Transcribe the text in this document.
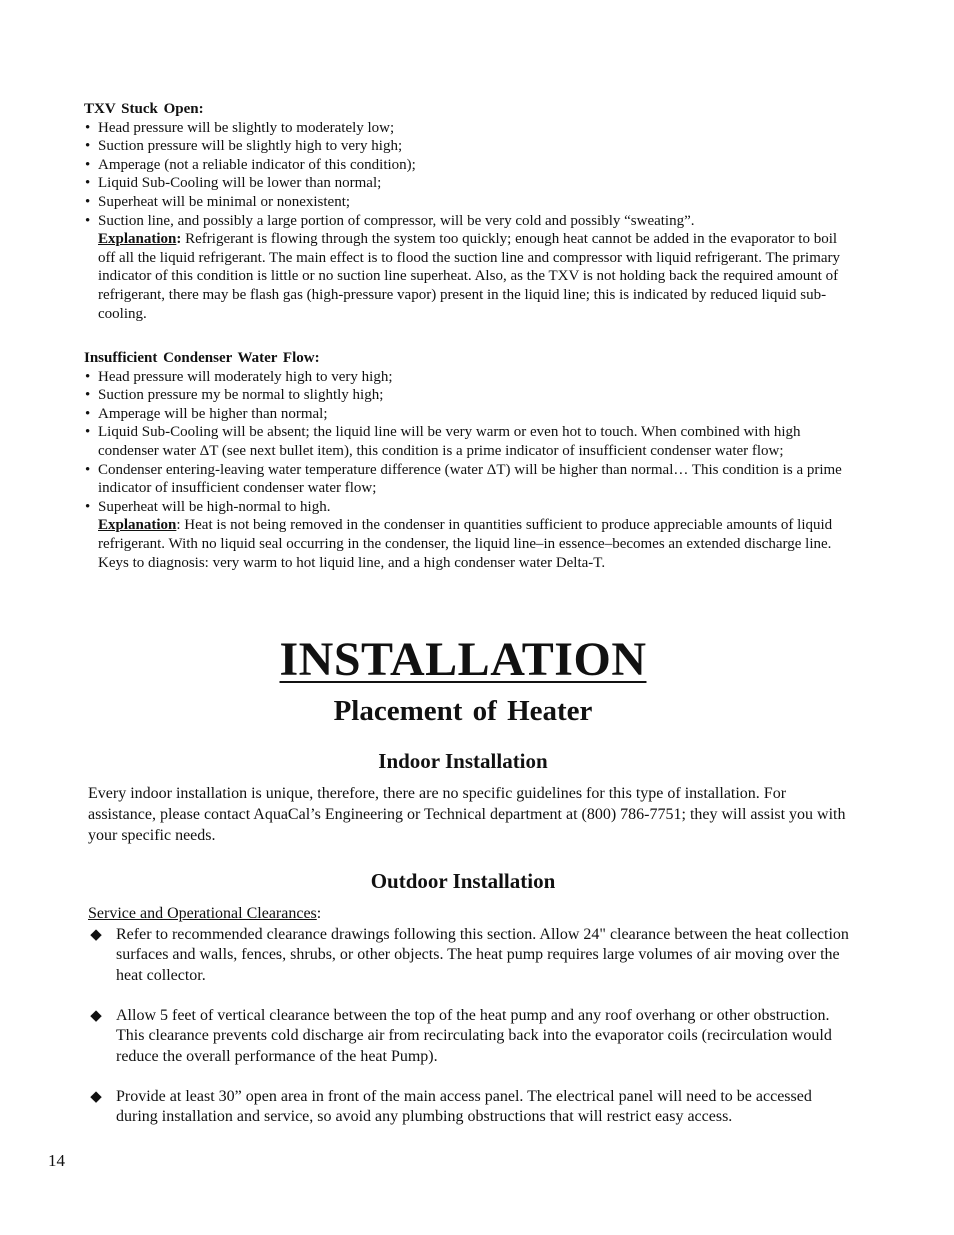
TXV Stuck Open:
• Head pressure will be slightly to moderately low;
• Suction pressure will be slightly high to very high;
• Amperage (not a reliable indicator of this condition);
• Liquid Sub-Cooling will be lower than normal;
• Superheat will be minimal or nonexistent;
• Suction line, and possibly a large portion of compressor, will be very cold and possibly “sweating”.
Explanation: Refrigerant is flowing through the system too quickly; enough heat cannot be added in the evaporator to boil off all the liquid refrigerant. The main effect is to flood the suction line and compressor with liquid refrigerant. The primary indicator of this condition is little or no suction line superheat. Also, as the TXV is not holding back the required amount of refrigerant, there may be flash gas (high-pressure vapor) present in the liquid line; this is indicated by reduced liquid sub-cooling.
Insufficient Condenser Water Flow:
• Head pressure will moderately high to very high;
• Suction pressure my be normal to slightly high;
• Amperage will be higher than normal;
• Liquid Sub-Cooling will be absent; the liquid line will be very warm or even hot to touch. When combined with high condenser water ΔT (see next bullet item), this condition is a prime indicator of insufficient condenser water flow;
• Condenser entering-leaving water temperature difference (water ΔT) will be higher than normal… This condition is a prime indicator of insufficient condenser water flow;
• Superheat will be high-normal to high.
Explanation: Heat is not being removed in the condenser in quantities sufficient to produce appreciable amounts of liquid refrigerant. With no liquid seal occurring in the condenser, the liquid line–in essence–becomes an extended discharge line. Keys to diagnosis: very warm to hot liquid line, and a high condenser water Delta-T.
INSTALLATION
Placement of Heater
Indoor Installation
Every indoor installation is unique, therefore, there are no specific guidelines for this type of installation. For assistance, please contact AquaCal’s Engineering or Technical department at (800) 786-7751; they will assist you with your specific needs.
Outdoor Installation
Service and Operational Clearances:
◆ Refer to recommended clearance drawings following this section. Allow 24" clearance between the heat collection surfaces and walls, fences, shrubs, or other objects. The heat pump requires large volumes of air moving over the heat collector.
◆ Allow 5 feet of vertical clearance between the top of the heat pump and any roof overhang or other obstruction. This clearance prevents cold discharge air from recirculating back into the evaporator coils (recirculation would reduce the overall performance of the heat Pump).
◆ Provide at least 30” open area in front of the main access panel. The electrical panel will need to be accessed during installation and service, so avoid any plumbing obstructions that will restrict easy access.
14
